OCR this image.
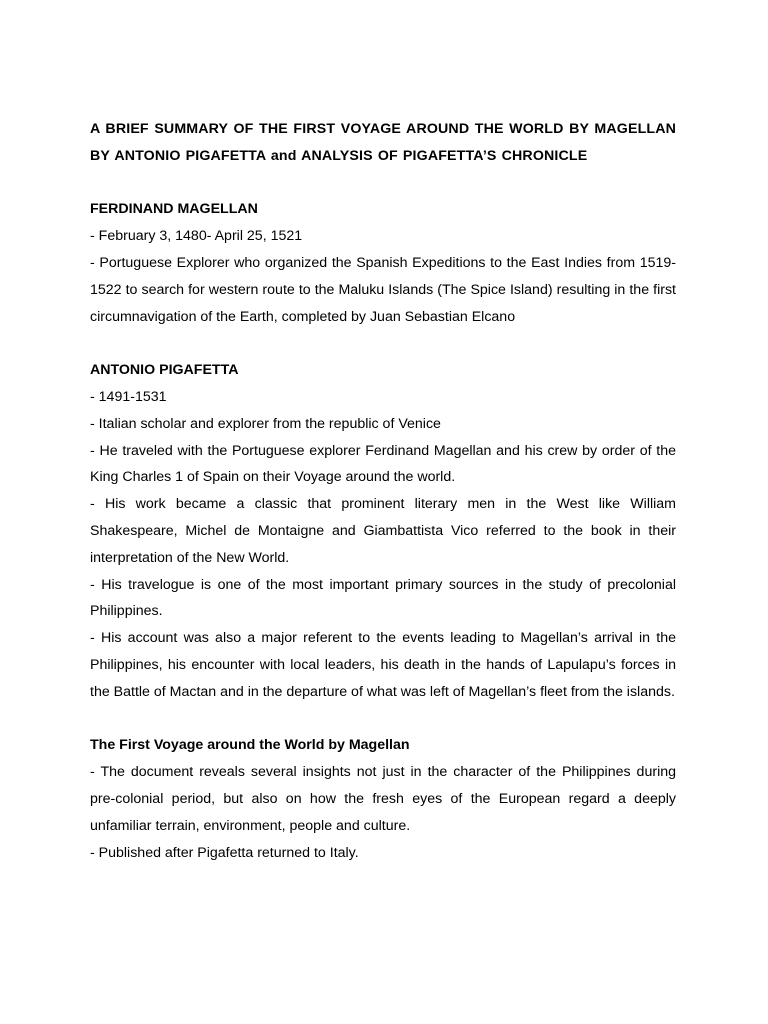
A BRIEF SUMMARY OF THE FIRST VOYAGE AROUND THE WORLD BY MAGELLAN BY ANTONIO PIGAFETTA and ANALYSIS OF PIGAFETTA’S CHRONICLE

FERDINAND MAGELLAN

- February 3, 1480- April 25, 1521

- Portuguese Explorer who organized the Spanish Expeditions to the East Indies from 1519-1522 to search for western route to the Maluku Islands (The Spice Island) resulting in the first circumnavigation of the Earth, completed by Juan Sebastian Elcano

ANTONIO PIGAFETTA

- 1491-1531

- Italian scholar and explorer from the republic of Venice

- He traveled with the Portuguese explorer Ferdinand Magellan and his crew by order of the King Charles 1 of Spain on their Voyage around the world.

- His work became a classic that prominent literary men in the West like William Shakespeare, Michel de Montaigne and Giambattista Vico referred to the book in their interpretation of the New World.

- His travelogue is one of the most important primary sources in the study of precolonial Philippines.

- His account was also a major referent to the events leading to Magellan’s arrival in the Philippines, his encounter with local leaders, his death in the hands of Lapulapu’s forces in the Battle of Mactan and in the departure of what was left of Magellan’s fleet from the islands.

The First Voyage around the World by Magellan

- The document reveals several insights not just in the character of the Philippines during pre-colonial period, but also on how the fresh eyes of the European regard a deeply unfamiliar terrain, environment, people and culture.

- Published after Pigafetta returned to Italy.
